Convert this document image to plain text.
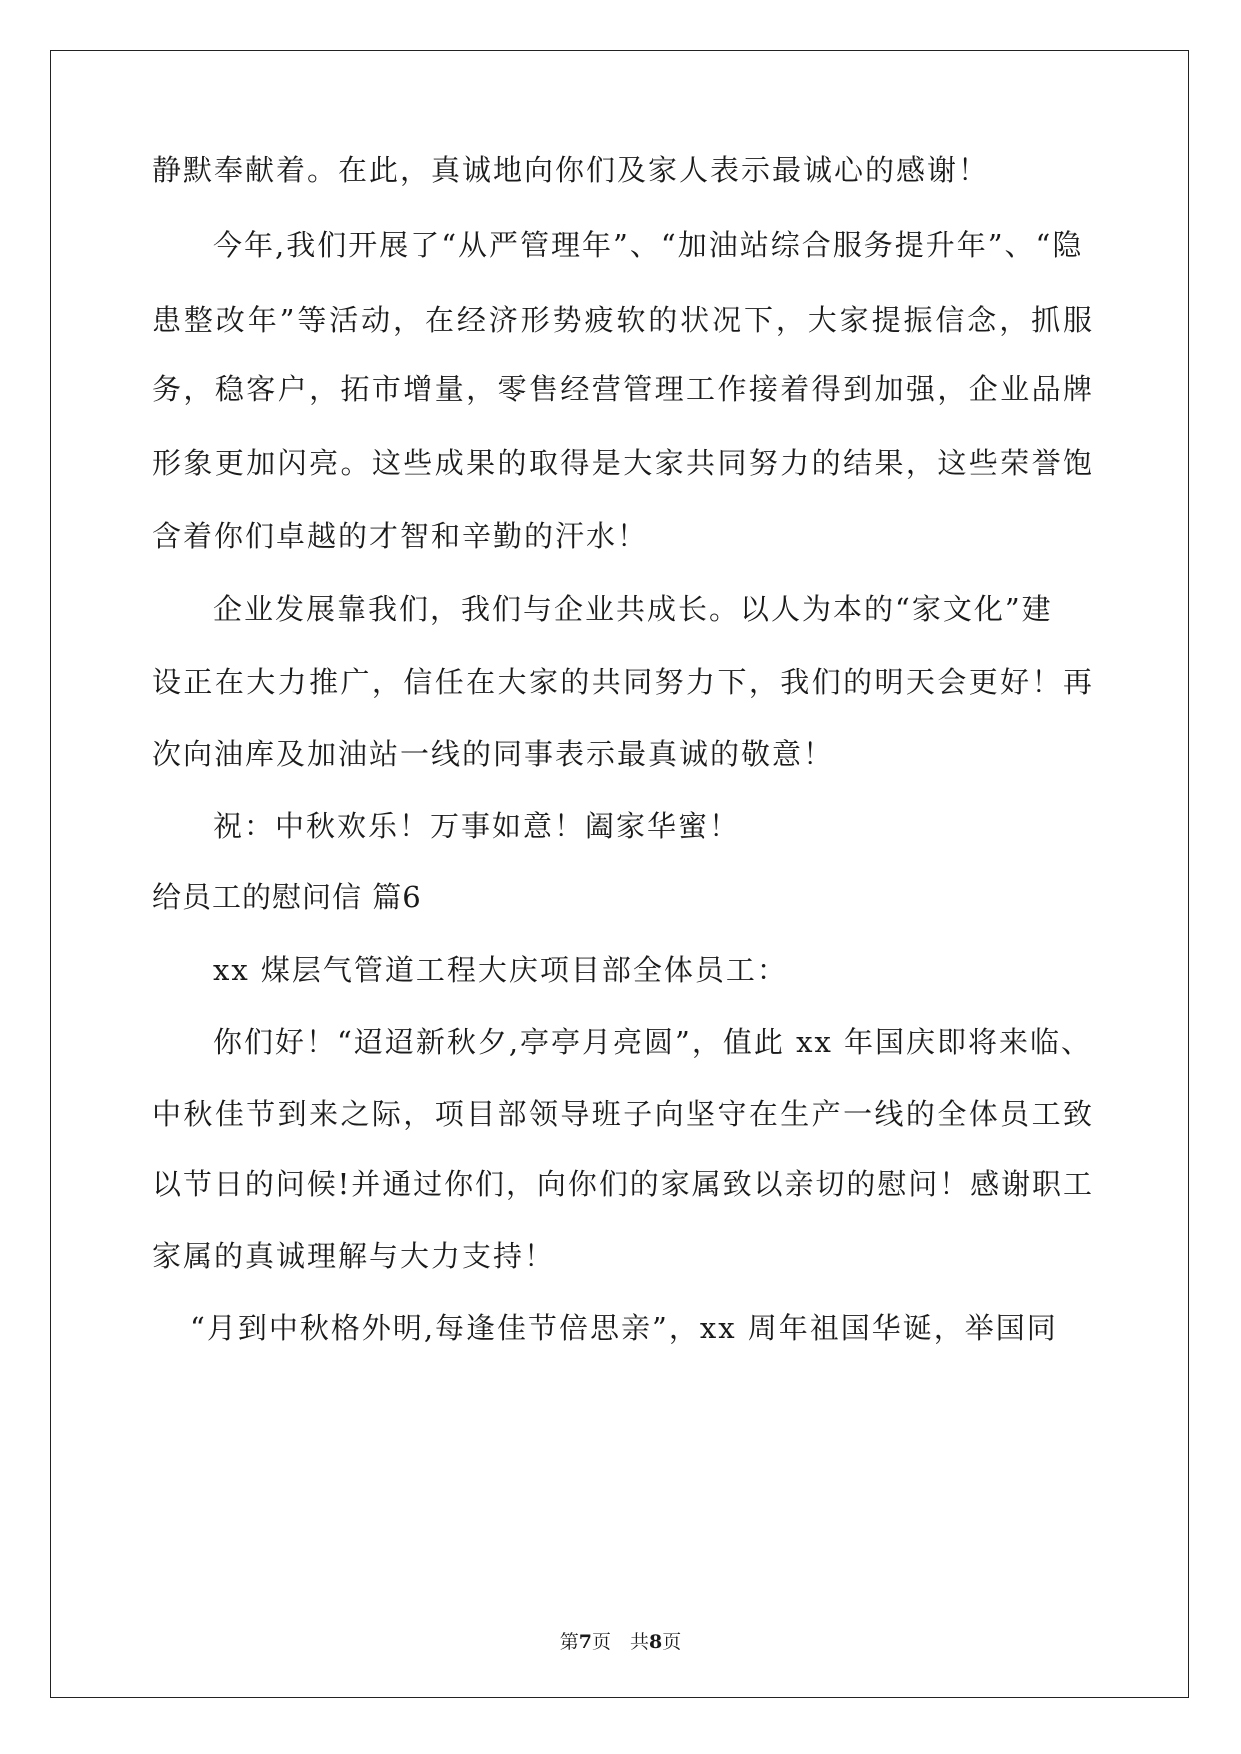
静默奉献着。在此，真诚地向你们及家人表示最诚心的感谢！
今年,我们开展了“从严管理年”、“加油站综合服务提升年”、“隐
患整改年”等活动，在经济形势疲软的状况下，大家提振信念，抓服
务，稳客户，拓市增量，零售经营管理工作接着得到加强，企业品牌
形象更加闪亮。这些成果的取得是大家共同努力的结果，这些荣誉饱
含着你们卓越的才智和辛勤的汗水！
企业发展靠我们，我们与企业共成长。以人为本的“家文化”建
设正在大力推广，信任在大家的共同努力下，我们的明天会更好！再
次向油库及加油站一线的同事表示最真诚的敬意！
祝：中秋欢乐！万事如意！阖家华蜜！
给员工的慰问信 篇6
xx 煤层气管道工程大庆项目部全体员工：
你们好！“迢迢新秋夕,亭亭月亮圆”，值此 xx 年国庆即将来临、
中秋佳节到来之际，项目部领导班子向坚守在生产一线的全体员工致
以节日的问候!并通过你们，向你们的家属致以亲切的慰问！感谢职工
家属的真诚理解与大力支持！
“月到中秋格外明,每逢佳节倍思亲”，xx 周年祖国华诞，举国同
第7页　共8页
